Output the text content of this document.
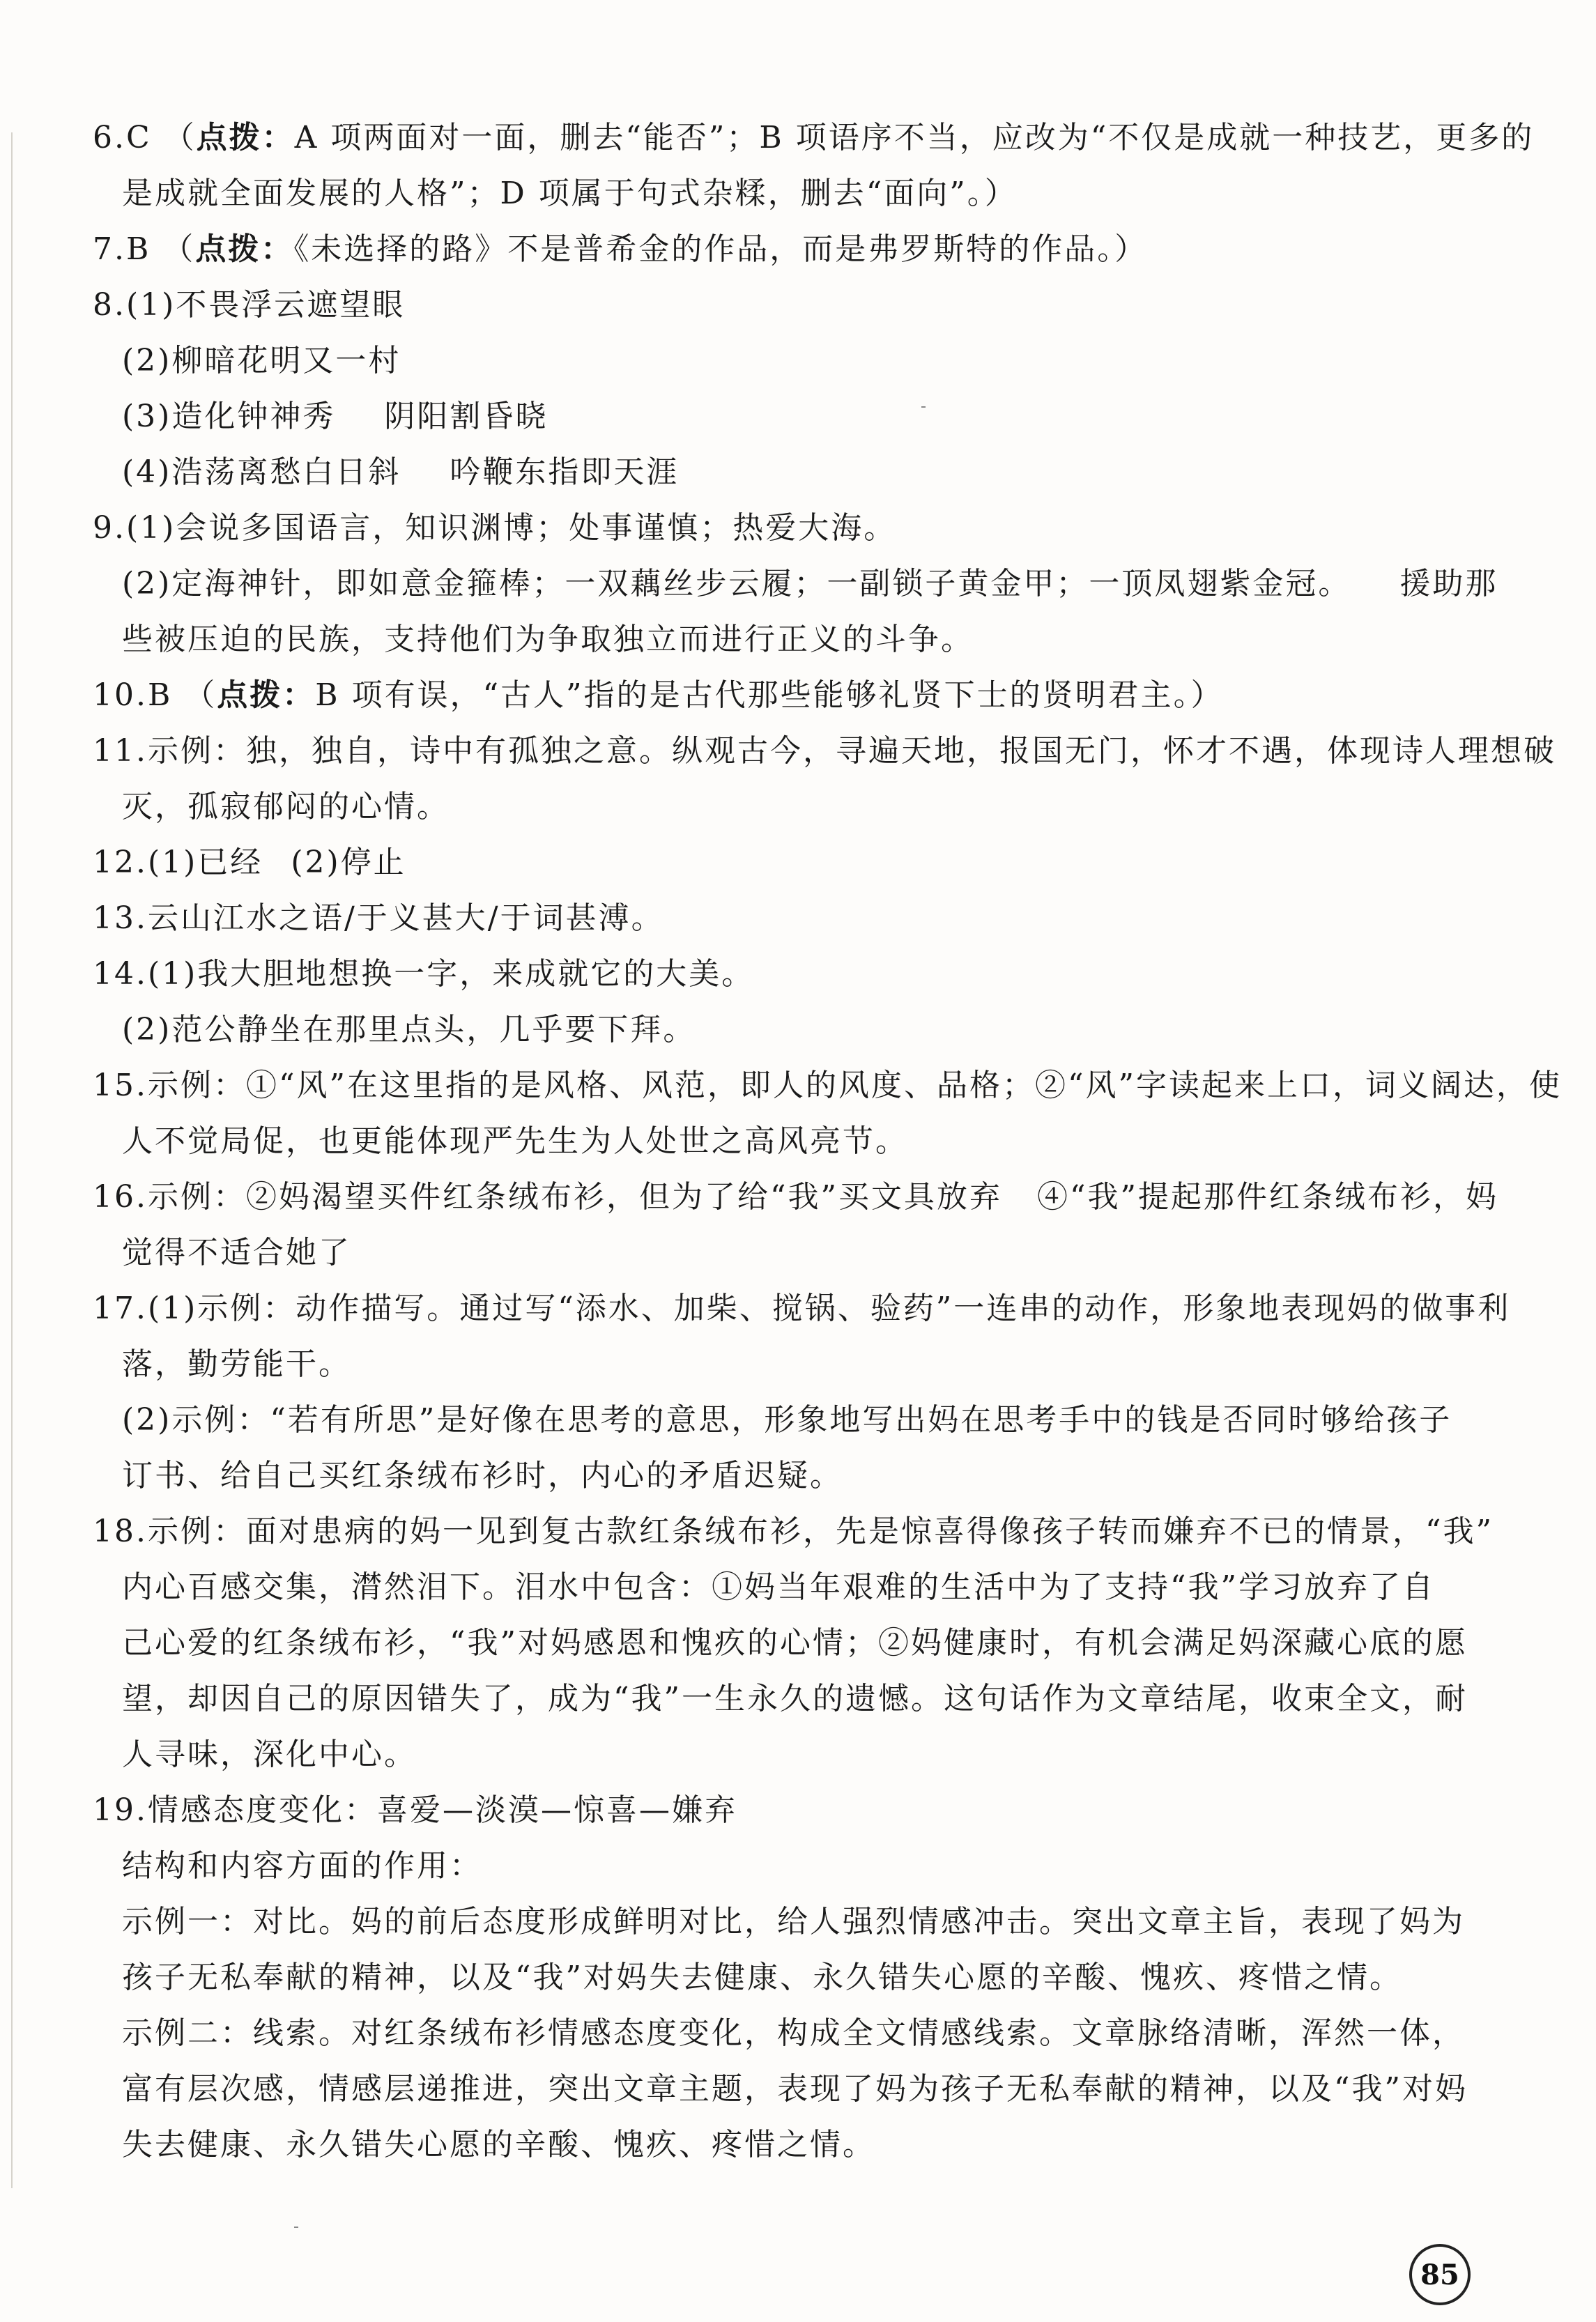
6.C （点拨：A 项两面对一面，删去“能否”；B 项语序不当，应改为“不仅是成就一种技艺，更多的
是成就全面发展的人格”；D 项属于句式杂糅，删去“面向”。）
7.B （点拨：《未选择的路》不是普希金的作品，而是弗罗斯特的作品。）
8.(1)不畏浮云遮望眼
(2)柳暗花明又一村
(3)造化钟神秀 阴阳割昏晓
(4)浩荡离愁白日斜 吟鞭东指即天涯
9.(1)会说多国语言，知识渊博；处事谨慎；热爱大海。
(2)定海神针，即如意金箍棒；一双藕丝步云履；一副锁子黄金甲；一顶凤翅紫金冠。 援助那
些被压迫的民族，支持他们为争取独立而进行正义的斗争。
10.B （点拨：B 项有误，“古人”指的是古代那些能够礼贤下士的贤明君主。）
11.示例：独，独自，诗中有孤独之意。纵观古今，寻遍天地，报国无门，怀才不遇，体现诗人理想破
灭，孤寂郁闷的心情。
12.(1)已经 (2)停止
13.云山江水之语/于义甚大/于词甚溥。
14.(1)我大胆地想换一字，来成就它的大美。
(2)范公静坐在那里点头，几乎要下拜。
15.示例：①“风”在这里指的是风格、风范，即人的风度、品格；②“风”字读起来上口，词义阔达，使
人不觉局促，也更能体现严先生为人处世之高风亮节。
16.示例：②妈渴望买件红条绒布衫，但为了给“我”买文具放弃 ④“我”提起那件红条绒布衫，妈
觉得不适合她了
17.(1)示例：动作描写。通过写“添水、加柴、搅锅、验药”一连串的动作，形象地表现妈的做事利
落，勤劳能干。
(2)示例：“若有所思”是好像在思考的意思，形象地写出妈在思考手中的钱是否同时够给孩子
订书、给自己买红条绒布衫时，内心的矛盾迟疑。
18.示例：面对患病的妈一见到复古款红条绒布衫，先是惊喜得像孩子转而嫌弃不已的情景，“我”
内心百感交集，潸然泪下。泪水中包含：①妈当年艰难的生活中为了支持“我”学习放弃了自
己心爱的红条绒布衫，“我”对妈感恩和愧疚的心情；②妈健康时，有机会满足妈深藏心底的愿
望，却因自己的原因错失了，成为“我”一生永久的遗憾。这句话作为文章结尾，收束全文，耐
人寻味，深化中心。
19.情感态度变化：喜爱—淡漠—惊喜—嫌弃
结构和内容方面的作用：
示例一：对比。妈的前后态度形成鲜明对比，给人强烈情感冲击。突出文章主旨，表现了妈为
孩子无私奉献的精神，以及“我”对妈失去健康、永久错失心愿的辛酸、愧疚、疼惜之情。
示例二：线索。对红条绒布衫情感态度变化，构成全文情感线索。文章脉络清晰，浑然一体，
富有层次感，情感层递推进，突出文章主题，表现了妈为孩子无私奉献的精神，以及“我”对妈
失去健康、永久错失心愿的辛酸、愧疚、疼惜之情。
85
